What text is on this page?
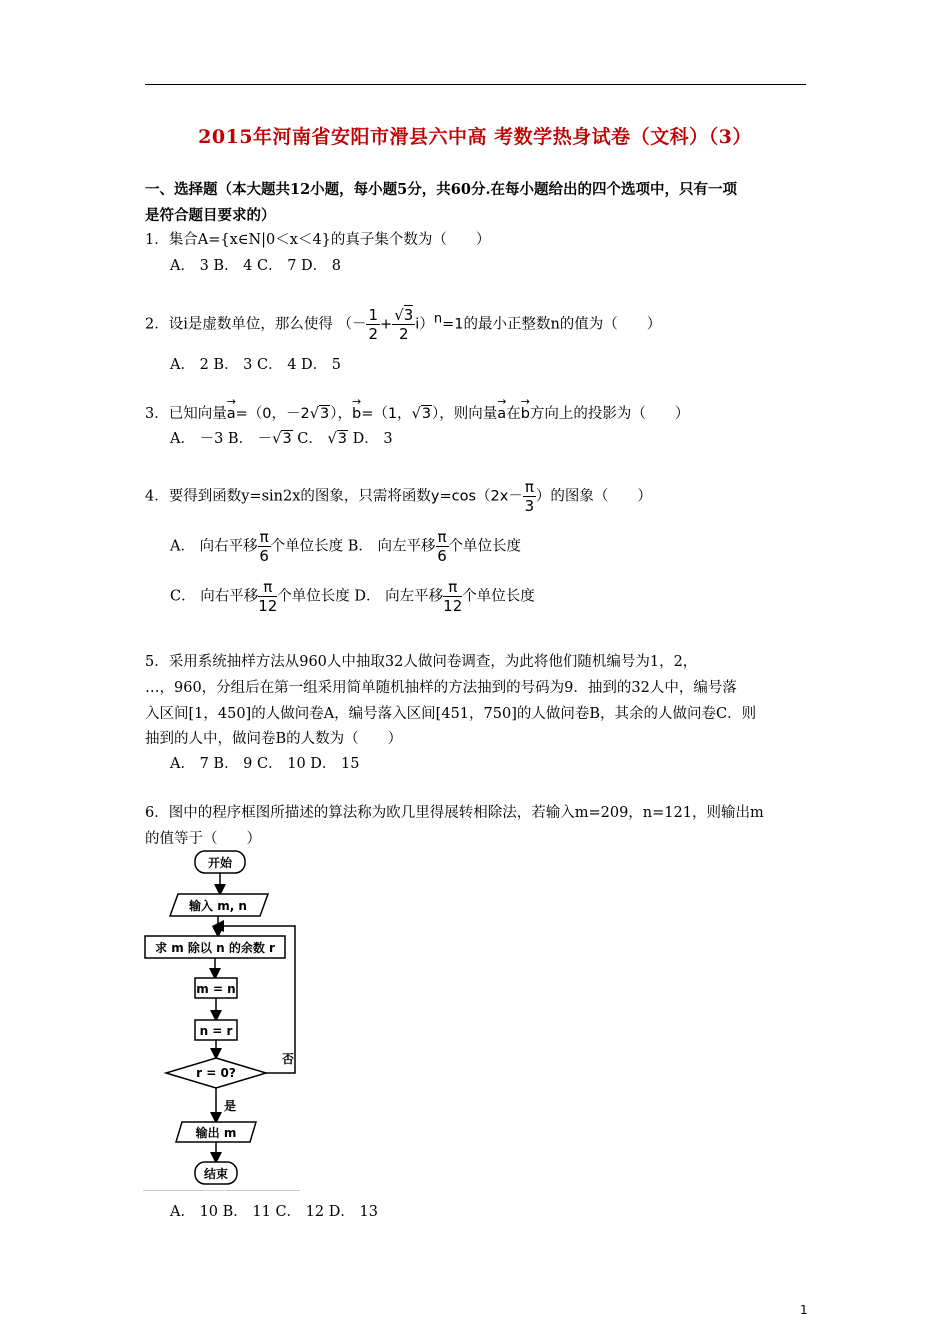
2015年河南省安阳市滑县六中高 考数学热身试卷（文科）（3）
一、选择题（本大题共12小题，每小题5分，共60分.在每小题给出的四个选项中，只有一项
是符合题目要求的）
1．集合A={x∈N|0＜x＜4}的真子集个数为（　　）
A． 3 B． 4 C． 7 D． 8
2．设i是虚数单位，那么使得 （－ $\frac{1}{2} + \frac{√3}{2} i)^n=1$的最小正整数n的值为（　　）
A． 2 B． 3 C． 4 D． 5
3．已知向量→ a=（0，－2√3），→ b=（1，√3），则向量→ a在→ b方向上的投影为（　　）
A． －3 B． －√3 C． √3 D． 3
4．要得到函数y=sin2x的图象，只需将函数$y=\cos(2x- \frac{\pi}{3}$ ）的图象（　　）
A． 向右平移 $\frac{\pi}{6}$ 个单位长度 B． 向左平移 $\frac{\pi}{6}$ 个单位长度
C． 向右平移 $\frac{\pi}{12}$ 个单位长度 D． 向左平移 $\frac{\pi}{12}$ 个单位长度
5．采用系统抽样方法从960人中抽取32人做问卷调查，为此将他们随机编号为1，2，
…，960，分组后在第一组采用简单随机抽样的方法抽到的号码为9．抽到的32人中，编号落
入区间[1，450]的人做问卷A，编号落入区间[451，750]的人做问卷B，其余的人做问卷C．则
抽到的人中，做问卷B的人数为（　　）
A． 7 B． 9 C． 10 D． 15
6．图中的程序框图所描述的算法称为欧几里得展转相除法，若输入m=209，n=121，则输出m
的值等于（　　）
开始
输入 m, n
求 m 除以 n 的余数 r
m = n
n = r
r = 0?
否
是
输出 m
结束
A． 10 B． 11 C． 12 D． 13
1
